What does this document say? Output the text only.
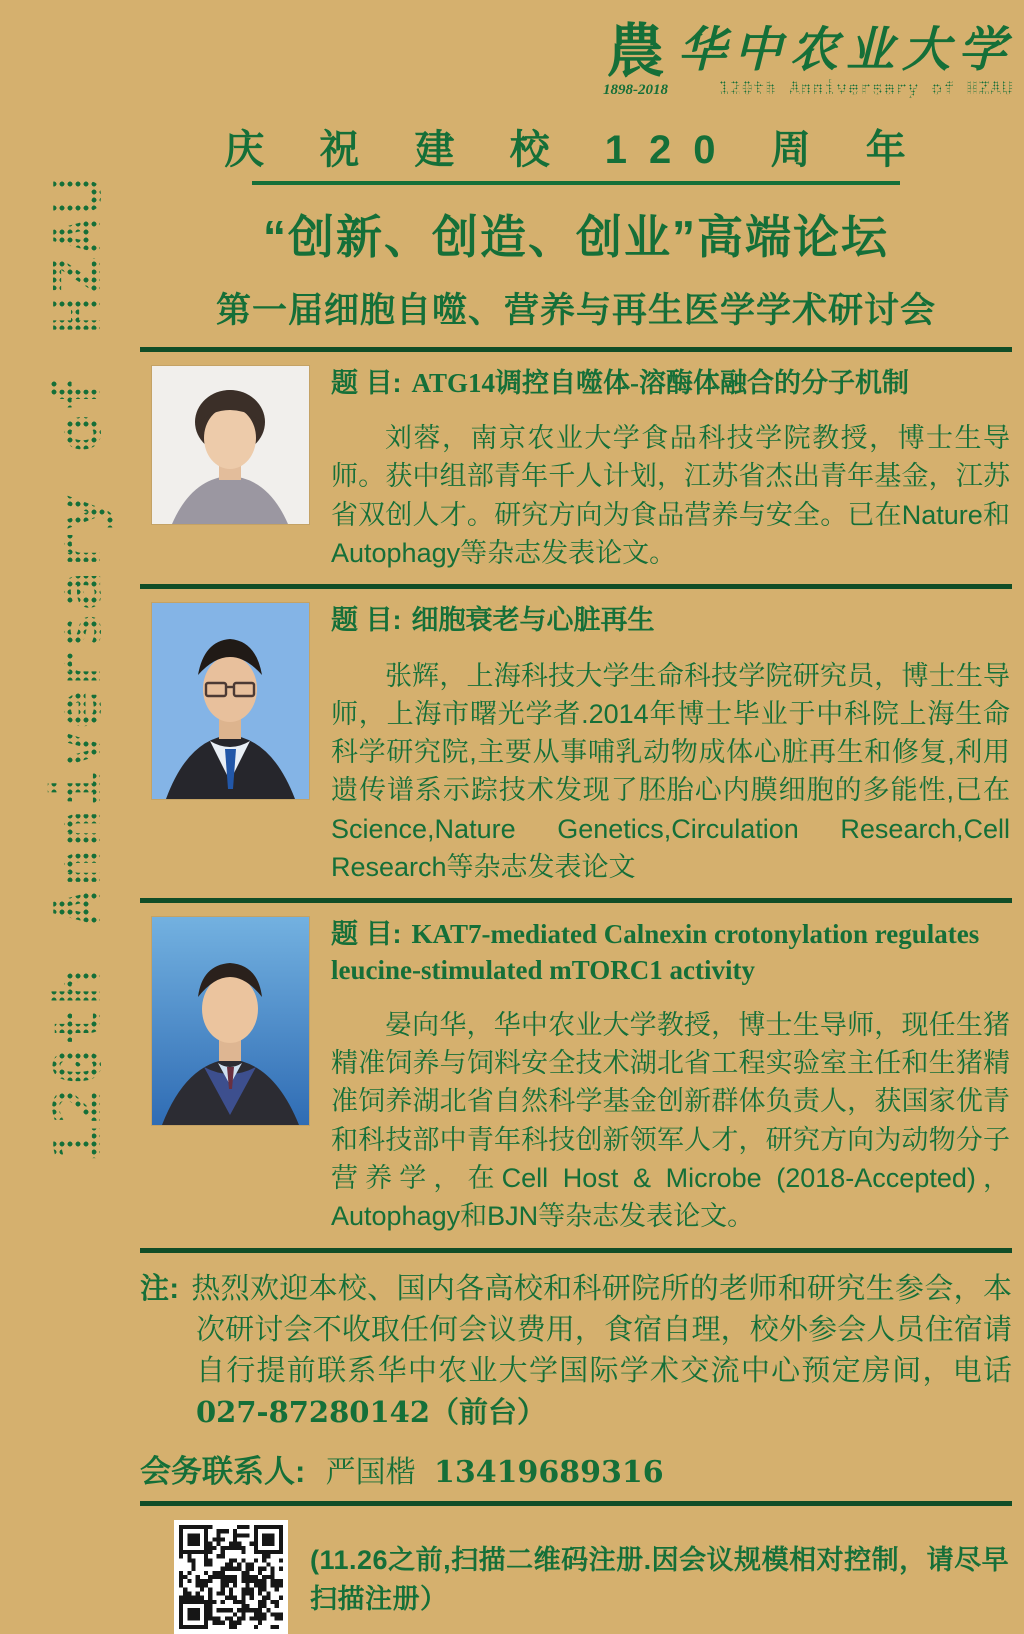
120th Anniversary of HZAU
農
1898-2018
华中农业大学
120th Anniversary of HZAU
庆 祝 建 校 120 周 年
“创新、创造、创业”高端论坛
第一届细胞自噬、营养与再生医学学术研讨会
题 目: ATG14调控自噬体-溶酶体融合的分子机制

刘蓉，南京农业大学食品科技学院教授，博士生导师。获中组部青年千人计划，江苏省杰出青年基金，江苏省双创人才。研究方向为食品营养与安全。已在Nature和Autophagy等杂志发表论文。

题 目: 细胞衰老与心脏再生

张辉，上海科技大学生命科技学院研究员，博士生导师，上海市曙光学者.2014年博士毕业于中科院上海生命科学研究院,主要从事哺乳动物成体心脏再生和修复,利用遗传谱系示踪技术发现了胚胎心内膜细胞的多能性,已在Science,Nature Genetics,Circulation Research,Cell Research等杂志发表论文

题 目: KAT7-mediated Calnexin crotonylation regulates leucine-stimulated mTORC1 activity

晏向华，华中农业大学教授，博士生导师，现任生猪精准饲养与饲料安全技术湖北省工程实验室主任和生猪精准饲养湖北省自然科学基金创新群体负责人，获国家优青和科技部中青年科技创新领军人才，研究方向为动物分子营养学，在Cell Host & Microbe (2018-Accepted)，Autophagy和BJN等杂志发表论文。

注: 热烈欢迎本校、国内各高校和科研院所的老师和研究生参会，本次研讨会不收取任何会议费用，食宿自理，校外参会人员住宿请自行提前联系华中农业大学国际学术交流中心预定房间，电话 027-87280142（前台）
会务联系人: 严国楷 13419689316
(11.26之前,扫描二维码注册.因会议规模相对控制，请尽早扫描注册）
